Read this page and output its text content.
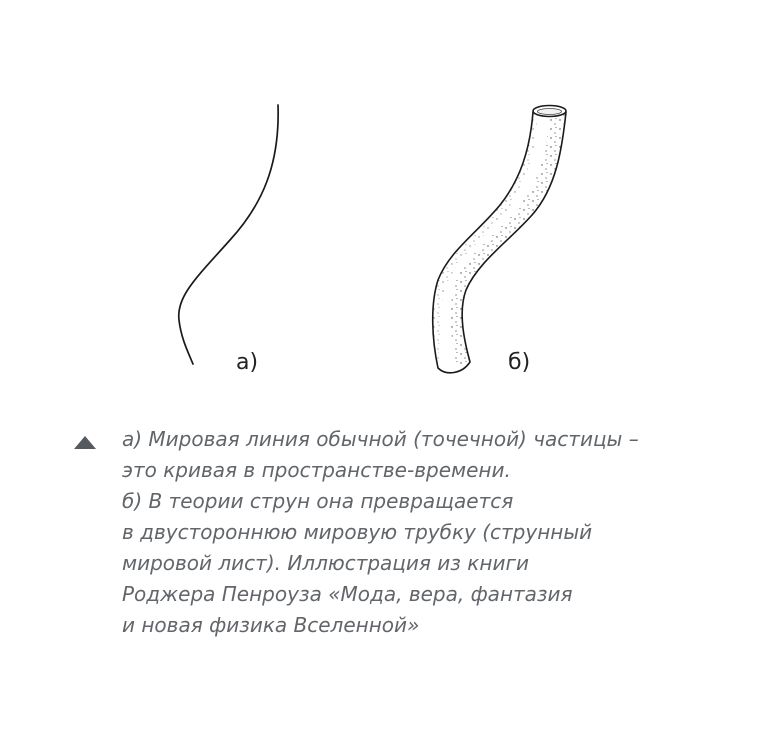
а)	б)

а) Мировая линия обычной (точечной) частицы –
это кривая в пространстве-времени.
б) В теории струн она превращается
в двустороннюю мировую трубку (струнный
мировой лист). Иллюстрация из книги
Роджера Пенроуза «Мода, вера, фантазия
и новая физика Вселенной»
